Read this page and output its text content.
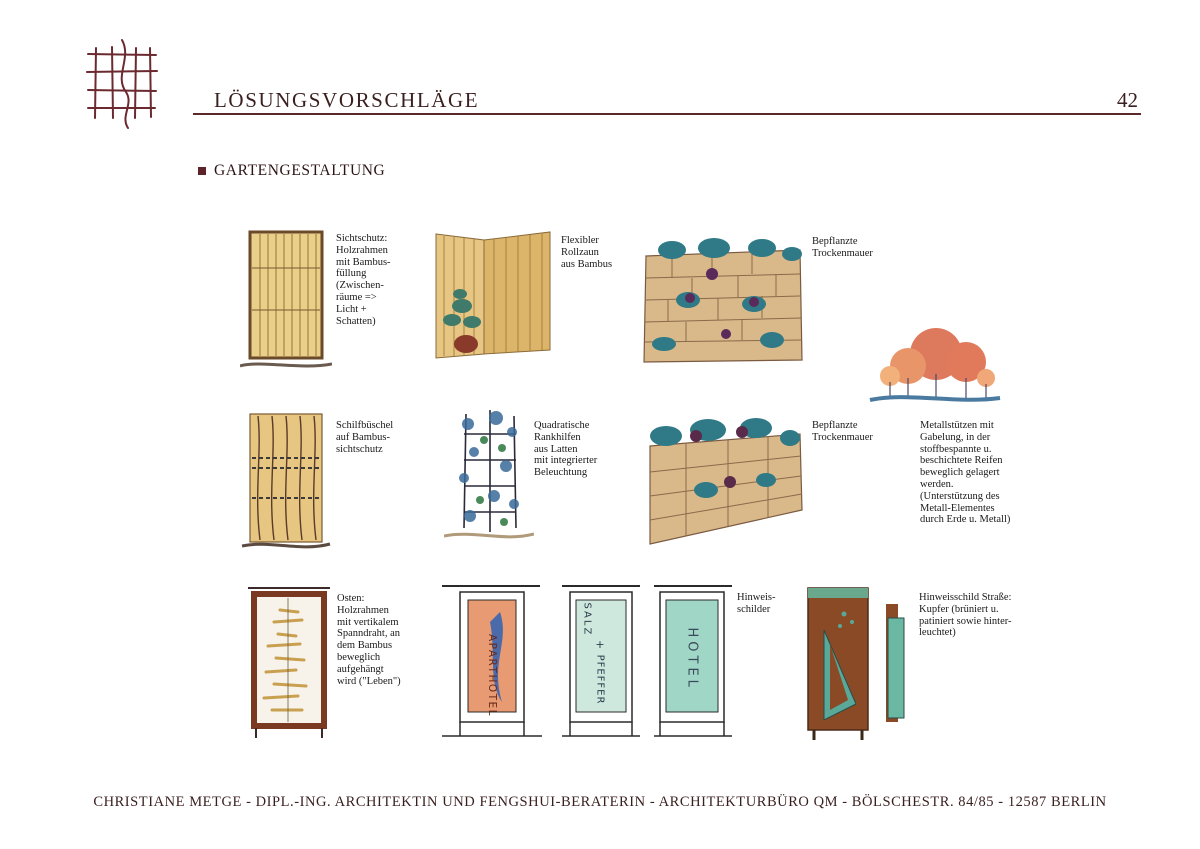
LÖSUNGSVORSCHLÄGE	42
GARTENGESTALTUNG
Sichtschutz:
Holzrahmen
mit Bambus-
füllung
(Zwischen-
räume =>
Licht +
Schatten)
Flexibler
Rollzaun
aus Bambus
Bepflanzte
Trockenmauer
Schilfbüschel
auf Bambus-
sichtschutz
Quadratische
Rankhilfen
aus Latten
mit integrierter
Beleuchtung
Bepflanzte
Trockenmauer
Metallstützen mit
Gabelung, in der
stoffbespannte u.
beschichtete Reifen
beweglich gelagert
werden.
(Unterstützung des
Metall-Elementes
durch Erde u. Metall)
Osten:
Holzrahmen
mit vertikalem
Spanndraht, an
dem Bambus
beweglich
aufgehängt
wird ("Leben")	APARTHOTEL
SALZ
+
PFEFFER	HOTEL
Hinweis-
schilder
Hinweisschild Straße:
Kupfer (brüniert u.
patiniert sowie hinter-
leuchtet)
CHRISTIANE METGE - DIPL.-ING. ARCHITEKTIN UND FENGSHUI-BERATERIN - ARCHITEKTURBÜRO QM - BÖLSCHESTR. 84/85 - 12587 BERLIN
